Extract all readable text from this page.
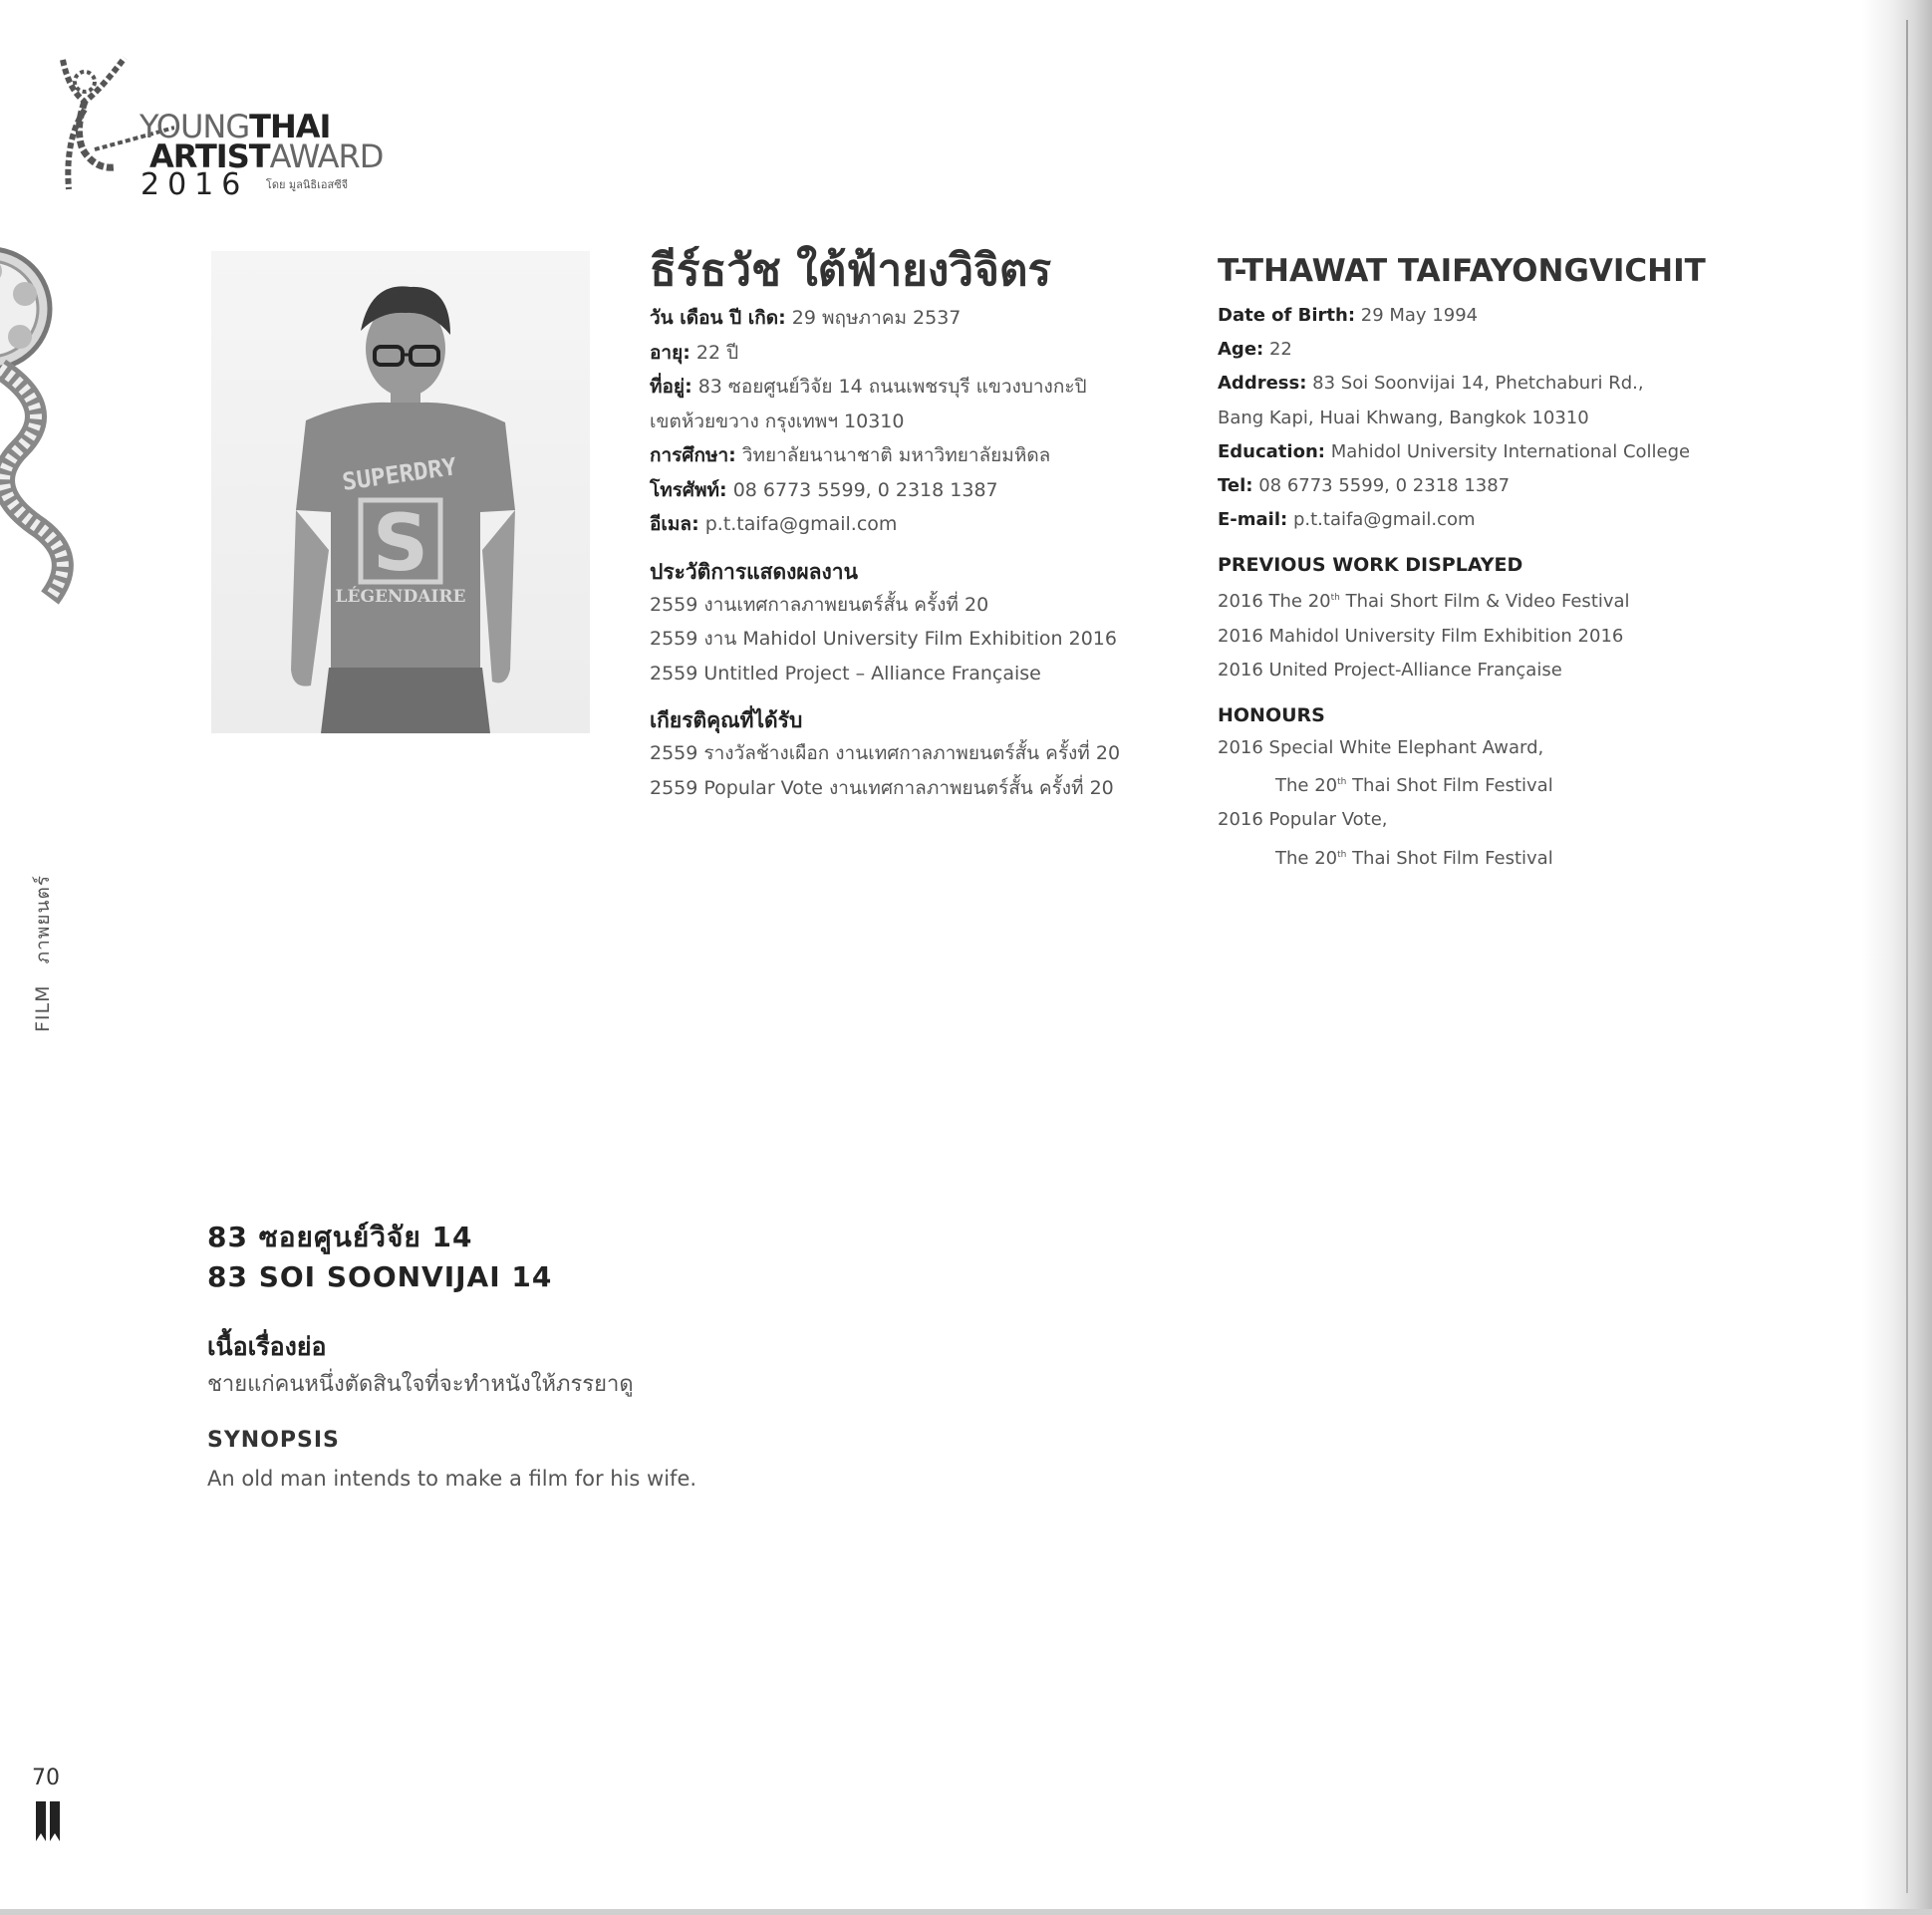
YOUNGTHAI
ARTISTAWARD
2016 $^{โดย มูลนิธิเอสซีจี}$
SUPERDRY
S
LÉGENDAIRE
ธีร์ธวัช ใต้ฟ้ายงวิจิตร
วัน เดือน ปี เกิด: 29 พฤษภาคม 2537
อายุ: 22 ปี
ที่อยู่: 83 ซอยศูนย์วิจัย 14 ถนนเพชรบุรี แขวงบางกะปิ
เขตห้วยขวาง กรุงเทพฯ 10310
การศึกษา: วิทยาลัยนานาชาติ มหาวิทยาลัยมหิดล
โทรศัพท์: 08 6773 5599, 0 2318 1387
อีเมล: p.t.taifa@gmail.com
ประวัติการแสดงผลงาน
2559 งานเทศกาลภาพยนตร์สั้น ครั้งที่ 20
2559 งาน Mahidol University Film Exhibition 2016
2559 Untitled Project – Alliance Française
เกียรติคุณที่ได้รับ
2559 รางวัลช้างเผือก งานเทศกาลภาพยนตร์สั้น ครั้งที่ 20
2559 Popular Vote งานเทศกาลภาพยนตร์สั้น ครั้งที่ 20
T-THAWAT TAIFAYONGVICHIT
Date of Birth: 29 May 1994
Age: 22
Address: 83 Soi Soonvijai 14, Phetchaburi Rd.,
Bang Kapi, Huai Khwang, Bangkok 10310
Education: Mahidol University International College
Tel: 08 6773 5599, 0 2318 1387
E-mail: p.t.taifa@gmail.com
PREVIOUS WORK DISPLAYED
2016 The 20th Thai Short Film & Video Festival
2016 Mahidol University Film Exhibition 2016
2016 United Project-Alliance Française
HONOURS
2016 Special White Elephant Award,
The 20th Thai Shot Film Festival
2016 Popular Vote,
The 20th Thai Shot Film Festival
FILM   ภาพยนตร์
83 ซอยศูนย์วิจัย 14
83 SOI SOONVIJAI 14
เนื้อเรื่องย่อ
ชายแก่คนหนึ่งตัดสินใจที่จะทำหนังให้ภรรยาดู
SYNOPSIS
An old man intends to make a film for his wife.
70
